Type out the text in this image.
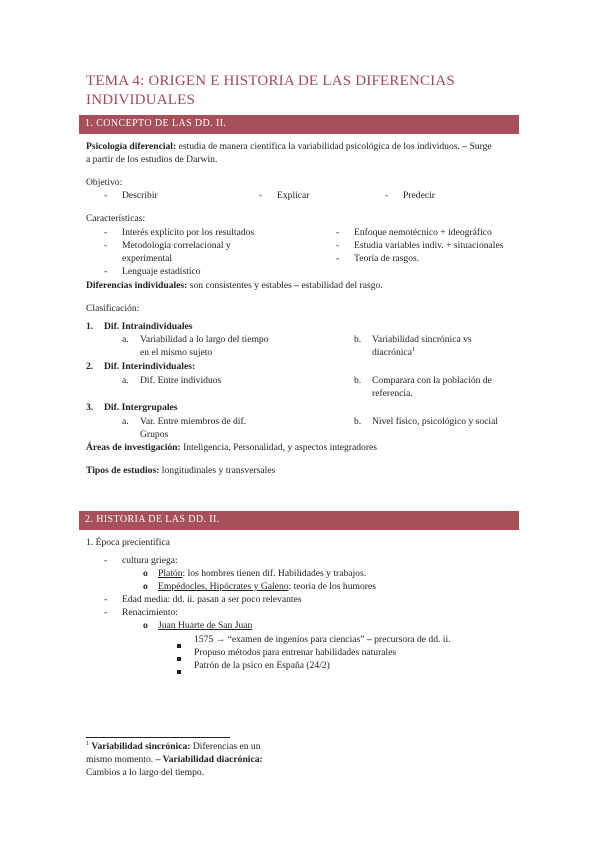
TEMA 4: ORIGEN E HISTORIA DE LAS DIFERENCIAS
INDIVIDUALES
1. CONCEPTO DE LAS DD. II.
Psicología diferencial: estudia de manera científica la variabilidad psicológica de los individuos. – Surge
a partir de los estudios de Darwin.
Objetivo:
- Describir	- Explicar	- Predecir
Características:
- Interés explícito por los resultados
- Metodología correlacional y
experimental
- Lenguaje estadístico
- Enfoque nemotécnico + ideográfico
- Estudia variables indiv. + situacionales
- Teoría de rasgos.
Diferencias individuales: son consistentes y estables – estabilidad del rasgo.
Clasificación:
1. Dif. Intraindividuales
a. Variabilidad a lo largo del tiempo
en el mismo sujeto
b. Variabilidad sincrónica vs
diacrónica$^1$
2. Dif. Interindividuales:
a. Dif. Entre individuos	b. Comparara con la población de
referencia.
3. Dif. Intergrupales
a. Var. Entre miembros de dif.
Grupos
b. Nivel físico, psicológico y social
Áreas de investigación: Inteligencia, Personalidad, y aspectos integradores
Tipos de estudios: longitudinales y transversales
2. HISTORIA DE LAS DD. II.
1. Época precientífica
- cultura griega:
o Platón: los hombres tienen dif. Habilidades y trabajos.
o Empédocles, Hipócrates y Galeno: teoría de los humores
- Edad media: dd. ii. pasan a ser poco relevantes
- Renacimiento:
o Juan Huarte de San Juan
1575 → “examen de ingenios para ciencias” – precursora de dd. ii.
Propuso métodos para entrenar habilidades naturales
Patrón de la psico en España (24/2)
$^1$ Variabilidad sincrónica: Diferencias en un
mismo momento. – Variabilidad diacrónica:
Cambios a lo largo del tiempo.
